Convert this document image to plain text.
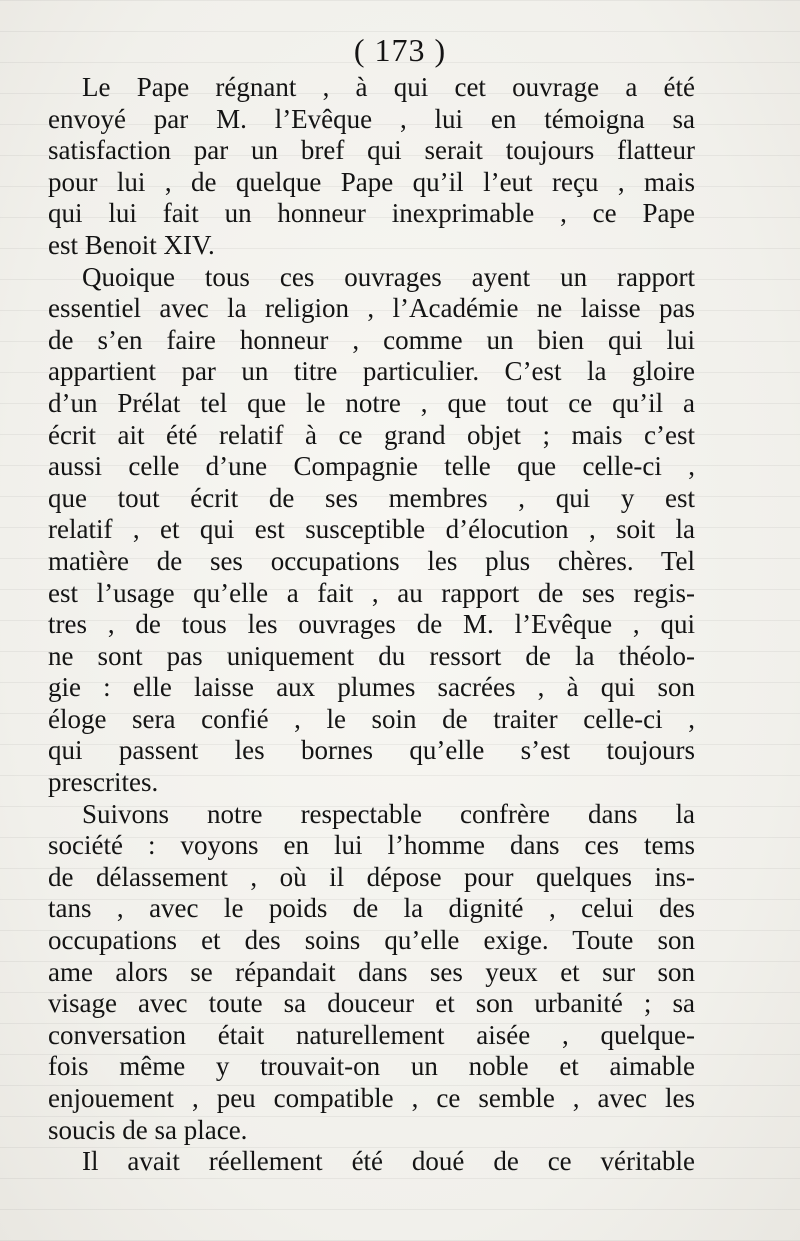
( 173 )
Le Pape régnant , à qui cet ouvrage a été
envoyé par M. l’Evêque , lui en témoigna sa
satisfaction par un bref qui serait toujours flatteur
pour lui , de quelque Pape qu’il l’eut reçu , mais
qui lui fait un honneur inexprimable , ce Pape
est Benoit XIV.
Quoique tous ces ouvrages ayent un rapport
essentiel avec la religion , l’Académie ne laisse pas
de s’en faire honneur , comme un bien qui lui
appartient par un titre particulier. C’est la gloire
d’un Prélat tel que le notre , que tout ce qu’il a
écrit ait été relatif à ce grand objet ; mais c’est
aussi celle d’une Compagnie telle que celle-ci ,
que tout écrit de ses membres , qui y est
relatif , et qui est susceptible d’élocution , soit la
matière de ses occupations les plus chères. Tel
est l’usage qu’elle a fait , au rapport de ses regis-
tres , de tous les ouvrages de M. l’Evêque , qui
ne sont pas uniquement du ressort de la théolo-
gie : elle laisse aux plumes sacrées , à qui son
éloge sera confié , le soin de traiter celle-ci ,
qui passent les bornes qu’elle s’est toujours
prescrites.
Suivons notre respectable confrère dans la
société : voyons en lui l’homme dans ces tems
de délassement , où il dépose pour quelques ins-
tans , avec le poids de la dignité , celui des
occupations et des soins qu’elle exige. Toute son
ame alors se répandait dans ses yeux et sur son
visage avec toute sa douceur et son urbanité ; sa
conversation était naturellement aisée , quelque-
fois même y trouvait-on un noble et aimable
enjouement , peu compatible , ce semble , avec les
soucis de sa place.
Il avait réellement été doué de ce véritable
